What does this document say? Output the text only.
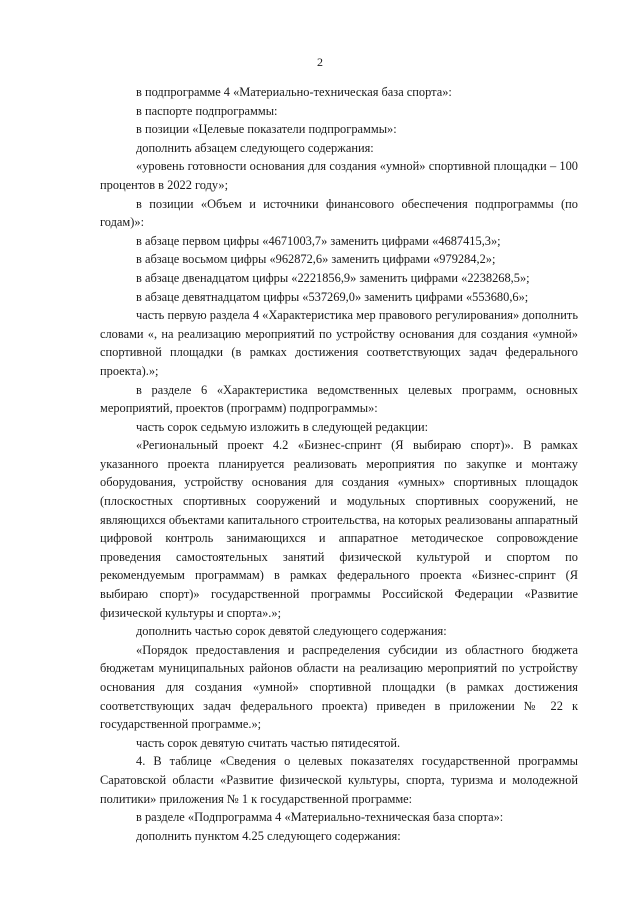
2

в подпрограмме 4 «Материально-техническая база спорта»:

в паспорте подпрограммы:

в позиции «Целевые показатели подпрограммы»:

дополнить абзацем следующего содержания:

«уровень готовности основания для создания «умной» спортивной площадки – 100 процентов в 2022 году»;

в позиции «Объем и источники финансового обеспечения подпрограммы (по годам)»:

в абзаце первом цифры «4671003,7» заменить цифрами «4687415,3»;

в абзаце восьмом цифры «962872,6» заменить цифрами «979284,2»;

в абзаце двенадцатом цифры «2221856,9» заменить цифрами «2238268,5»;

в абзаце девятнадцатом цифры «537269,0» заменить цифрами «553680,6»;

часть первую раздела 4 «Характеристика мер правового регулирования» дополнить словами «, на реализацию мероприятий по устройству основания для создания «умной» спортивной площадки (в рамках достижения соответствующих задач федерального проекта).»;

в разделе 6 «Характеристика ведомственных целевых программ, основных мероприятий, проектов (программ) подпрограммы»:

часть сорок седьмую изложить в следующей редакции:

«Региональный проект 4.2 «Бизнес-спринт (Я выбираю спорт)». В рамках указанного проекта планируется реализовать мероприятия по закупке и монтажу оборудования, устройству основания для создания «умных» спортивных площадок (плоскостных спортивных сооружений и модульных спортивных сооружений, не являющихся объектами капитального строительства, на которых реализованы аппаратный цифровой контроль занимающихся и аппаратное методическое сопровождение проведения самостоятельных занятий физической культурой и спортом по рекомендуемым программам) в рамках федерального проекта «Бизнес-спринт (Я выбираю спорт)» государственной программы Российской Федерации «Развитие физической культуры и спорта».»;

дополнить частью сорок девятой следующего содержания:

«Порядок предоставления и распределения субсидии из областного бюджета бюджетам муниципальных районов области на реализацию мероприятий по устройству основания для создания «умной» спортивной площадки (в рамках достижения соответствующих задач федерального проекта) приведен в приложении № 22 к государственной программе.»;

часть сорок девятую считать частью пятидесятой.

4. В таблице «Сведения о целевых показателях государственной программы Саратовской области «Развитие физической культуры, спорта, туризма и молодежной политики» приложения № 1 к государственной программе:

в разделе «Подпрограмма 4 «Материально-техническая база спорта»:

дополнить пунктом 4.25 следующего содержания:
